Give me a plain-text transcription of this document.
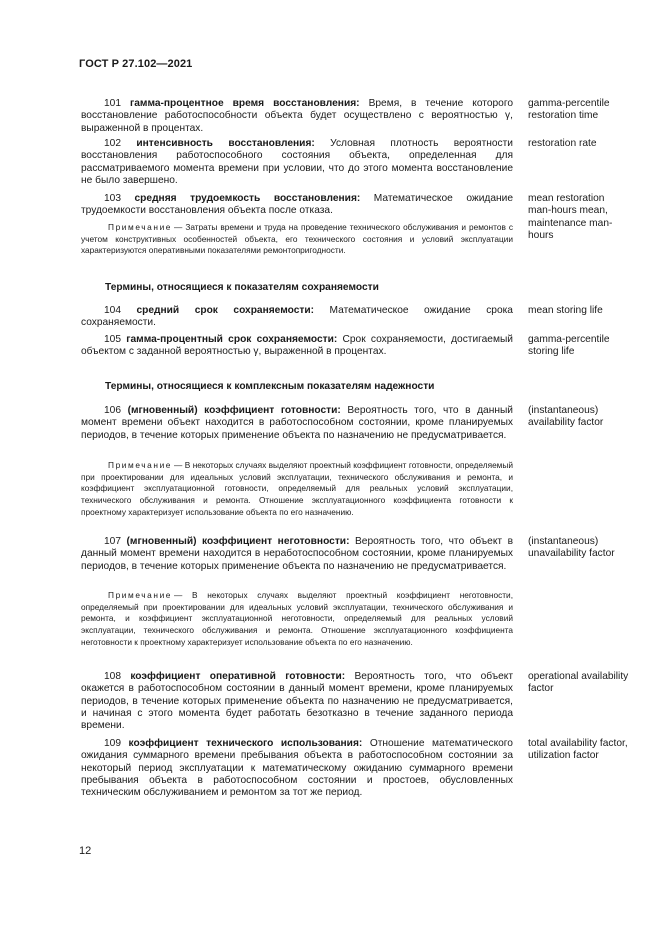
ГОСТ Р 27.102—2021

101 гамма-процентное время восстановления: Время, в течение которого восстановление работоспособности объекта будет осуществлено с вероятностью γ, выраженной в процентах.

gamma-percentile restoration time

102 интенсивность восстановления: Условная плотность вероятности восстановления работоспособного состояния объекта, определенная для рассматриваемого момента времени при условии, что до этого момента восстановление не было завершено.

restoration rate

103 средняя трудоемкость восстановления: Математическое ожидание трудоемкости восстановления объекта после отказа.

mean restoration man-hours mean, maintenance man-hours

Примечание — Затраты времени и труда на проведение технического обслуживания и ремонтов с учетом конструктивных особенностей объекта, его технического состояния и условий эксплуатации характеризуются оперативными показателями ремонтопригодности.

Термины, относящиеся к показателям сохраняемости

104 средний срок сохраняемости: Математическое ожидание срока сохраняемости.

mean storing life

105 гамма-процентный срок сохраняемости: Срок сохраняемости, достигаемый объектом с заданной вероятностью γ, выраженной в процентах.

gamma-percentile storing life

Термины, относящиеся к комплексным показателям надежности

106 (мгновенный) коэффициент готовности: Вероятность того, что в данный момент времени объект находится в работоспособном состоянии, кроме планируемых периодов, в течение которых применение объекта по назначению не предусматривается.

(instantaneous) availability factor

Примечание — В некоторых случаях выделяют проектный коэффициент готовности, определяемый при проектировании для идеальных условий эксплуатации, технического обслуживания и ремонта, и коэффициент эксплуатационной готовности, определяемый для реальных условий эксплуатации, технического обслуживания и ремонта. Отношение эксплуатационного коэффициента готовности к проектному характеризует использование объекта по его назначению.

107 (мгновенный) коэффициент неготовности: Вероятность того, что объект в данный момент времени находится в неработоспособном состоянии, кроме планируемых периодов, в течение которых применение объекта по назначению не предусматривается.

(instantaneous) unavailability factor

Примечание — В некоторых случаях выделяют проектный коэффициент неготовности, определяемый при проектировании для идеальных условий эксплуатации, технического обслуживания и ремонта, и коэффициент эксплуатационной неготовности, определяемый для реальных условий эксплуатации, технического обслуживания и ремонта. Отношение эксплуатационного коэффициента неготовности к проектному характеризует использование объекта по его назначению.

108 коэффициент оперативной готовности: Вероятность того, что объект окажется в работоспособном состоянии в данный момент времени, кроме планируемых периодов, в течение которых применение объекта по назначению не предусматривается, и начиная с этого момента будет работать безотказно в течение заданного периода времени.

operational availability factor

109 коэффициент технического использования: Отношение математического ожидания суммарного времени пребывания объекта в работоспособном состоянии за некоторый период эксплуатации к математическому ожиданию суммарного времени пребывания объекта в работоспособном состоянии и простоев, обусловленных техническим обслуживанием и ремонтом за тот же период.

total availability factor, utilization factor

12
